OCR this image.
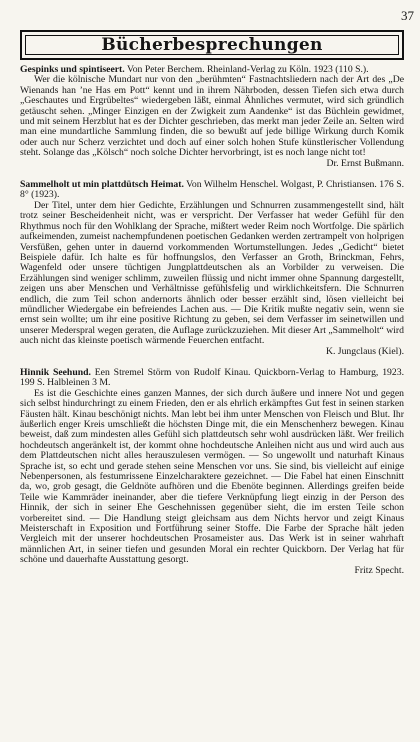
37
Bücherbesprechungen

Gespinks und spintiseert. Von Peter Berchem. Rheinland-Verlag zu Köln. 1923 (110 S.).

Wer die kölnische Mundart nur von den „berühmten“ Fastnachtsliedern nach der Art des „De Wienands han ’ne Has em Pott“ kennt und in ihrem Nährboden, dessen Tiefen sich etwa durch „Geschautes und Ergrübeltes“ wiedergeben läßt, einmal Ähnliches vermutet, wird sich gründlich getäuscht sehen. „Minger Einzigen en der Zwigkeit zum Aandenke“ ist das Büchlein gewidmet, und mit seinem Herzblut hat es der Dichter geschrieben, das merkt man jeder Zeile an. Selten wird man eine mundartliche Sammlung finden, die so bewußt auf jede billige Wirkung durch Komik oder auch nur Scherz verzichtet und doch auf einer solch hohen Stufe künstlerischer Vollendung steht. Solange das „Kölsch“ noch solche Dichter hervorbringt, ist es noch lange nicht tot!

Dr. Ernst Bußmann.

Sammelholt ut min plattdütsch Heimat. Von Wilhelm Henschel. Wolgast, P. Christiansen. 176 S. 8° (1923).

Der Titel, unter dem hier Gedichte, Erzählungen und Schnurren zusammengestellt sind, hält trotz seiner Bescheidenheit nicht, was er verspricht. Der Verfasser hat weder Gefühl für den Rhythmus noch für den Wohlklang der Sprache, mißtert weder Reim noch Wortfolge. Die spärlich aufkeimenden, zumeist nachempfundenen poetischen Gedanken werden zertrampelt von holprigen Versfüßen, gehen unter in dauernd vorkommenden Wortumstellungen. Jedes „Gedicht“ bietet Beispiele dafür. Ich halte es für hoffnungslos, den Verfasser an Groth, Brinckman, Fehrs, Wagenfeld oder unsere tüchtigen Jungplattdeutschen als an Vorbilder zu verweisen. Die Erzählungen sind weniger schlimm, zuweilen flüssig und nicht immer ohne Spannung dargestellt, zeigen uns aber Menschen und Verhältnisse gefühlsfelig und wirklichkeitsfern. Die Schnurren endlich, die zum Teil schon andernorts ähnlich oder besser erzählt sind, lösen vielleicht bei mündlicher Wiedergabe ein befreiendes Lachen aus. — Die Kritik mußte negativ sein, wenn sie ernst sein wollte; um ihr eine positive Richtung zu geben, sei dem Verfasser im seinetwillen und unserer Mederspral wegen geraten, die Auflage zurückzuziehen. Mit dieser Art „Sammelholt“ wird auch nicht das kleinste poetisch wärmende Feuerchen entfacht.

K. Jungclaus (Kiel).

Hinnik Seehund. Een Stremel Störm von Rudolf Kinau. Quickborn-Verlag to Hamburg, 1923. 199 S. Halbleinen 3 M.

Es ist die Geschichte eines ganzen Mannes, der sich durch äußere und innere Not und gegen sich selbst hindurchringt zu einem Frieden, den er als ehrlich erkämpftes Gut fest in seinen starken Fäusten hält. Kinau beschönigt nichts. Man lebt bei ihm unter Menschen von Fleisch und Blut. Ihr äußerlich enger Kreis umschließt die höchsten Dinge mit, die ein Menschenherz bewegen. Kinau beweist, daß zum mindesten alles Gefühl sich plattdeutsch sehr wohl ausdrücken läßt. Wer freilich hochdeutsch angeränkelt ist, der kommt ohne hochdeutsche Anleihen nicht aus und wird auch aus dem Plattdeutschen nicht alles herauszulesen vermögen. — So ungewollt und naturhaft Kinaus Sprache ist, so echt und gerade stehen seine Menschen vor uns. Sie sind, bis vielleicht auf einige Nebenpersonen, als festumrissene Einzelcharaktere gezeichnet. — Die Fabel hat einen Einschnitt da, wo, grob gesagt, die Geldnöte aufhören und die Ebenöte beginnen. Allerdings greifen beide Teile wie Kammräder ineinander, aber die tiefere Verknüpfung liegt einzig in der Person des Hinnik, der sich in seiner Ehe Geschehnissen gegenüber sieht, die im ersten Teile schon vorbereitet sind. — Die Handlung steigt gleichsam aus dem Nichts hervor und zeigt Kinaus Meisterschaft in Exposition und Fortführung seiner Stoffe. Die Farbe der Sprache hält jeden Vergleich mit der unserer hochdeutschen Prosameister aus. Das Werk ist in seiner wahrhaft männlichen Art, in seiner tiefen und gesunden Moral ein rechter Quickborn. Der Verlag hat für schöne und dauerhafte Ausstattung gesorgt.

Fritz Specht.
